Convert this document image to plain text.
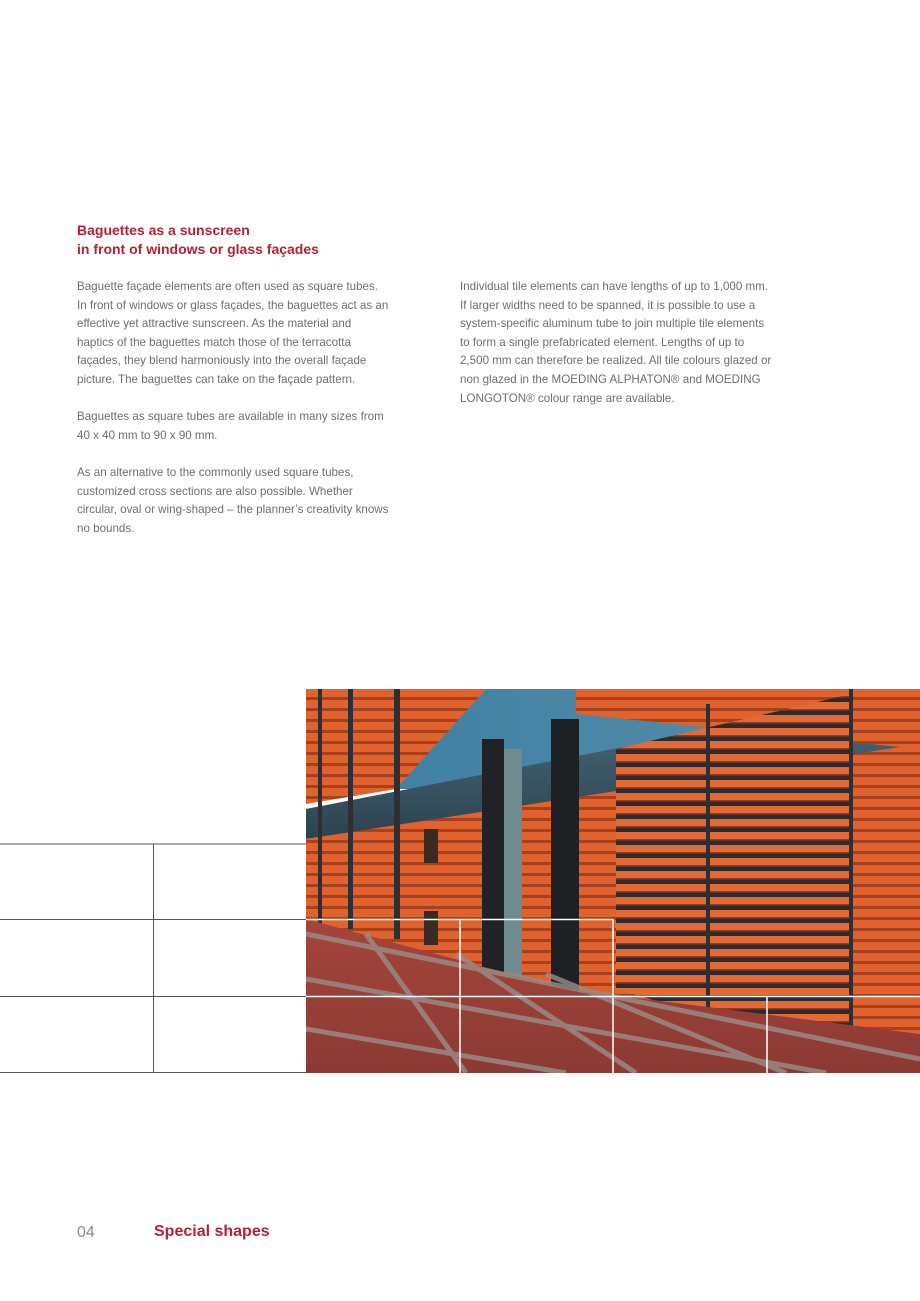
Baguettes as a sunscreen
in front of windows or glass façades

Baguette façade elements are often used as square tubes. In front of windows or glass façades, the baguettes act as an effective yet attractive sunscreen. As the material and haptics of the baguettes match those of the terracotta façades, they blend harmoniously into the overall façade picture. The baguettes can take on the façade pattern.

Baguettes as square tubes are available in many sizes from 40 x 40 mm to 90 x 90 mm.

As an alternative to the commonly used square tubes, customized cross sections are also possible. Whether circular, oval or wing-shaped – the planner’s creativity knows no bounds.

Individual tile elements can have lengths of up to 1,000 mm. If larger widths need to be spanned, it is possible to use a system-specific aluminum tube to join multiple tile elements to form a single prefabricated element. Lengths of up to 2,500 mm can therefore be realized. All tile colours glazed or non glazed in the MOEDING ALPHATON® and MOEDING LONGOTON® colour range are available.

04	Special shapes
